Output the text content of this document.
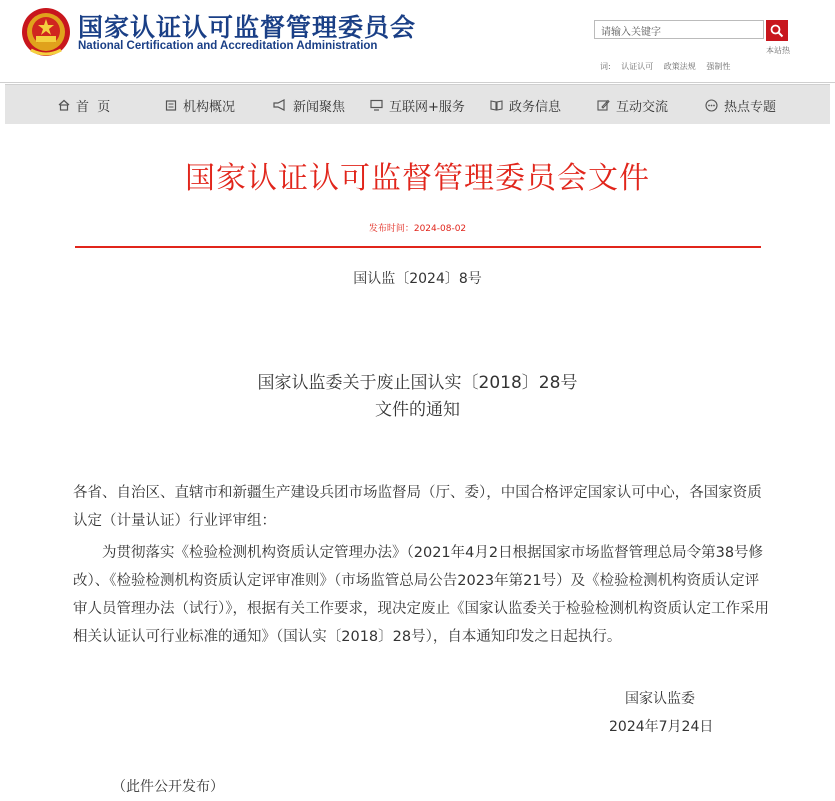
国家认证认可监督管理委员会
National Certification and Accreditation Administration
请输入关键字
本站热
词: 认证认可 政策法规 强制性
首  页	机构概况	新闻聚焦	互联网+服务	政务信息	互动交流	热点专题
国家认证认可监督管理委员会文件
发布时间：2024-08-02
国认监〔2024〕8号
国家认监委关于废止国认实〔2018〕28号
文件的通知

各省、自治区、直辖市和新疆生产建设兵团市场监督局（厅、委），中国合格评定国家认可中心，各国家资质认定（计量认证）行业评审组：

为贯彻落实《检验检测机构资质认定管理办法》（2021年4月2日根据国家市场监督管理总局令第38号修改）、《检验检测机构资质认定评审准则》（市场监管总局公告2023年第21号）及《检验检测机构资质认定评审人员管理办法（试行）》，根据有关工作要求，现决定废止《国家认监委关于检验检测机构资质认定工作采用相关认证认可行业标准的通知》（国认实〔2018〕28号），自本通知印发之日起执行。

国家认监委
2024年7月24日
（此件公开发布）
